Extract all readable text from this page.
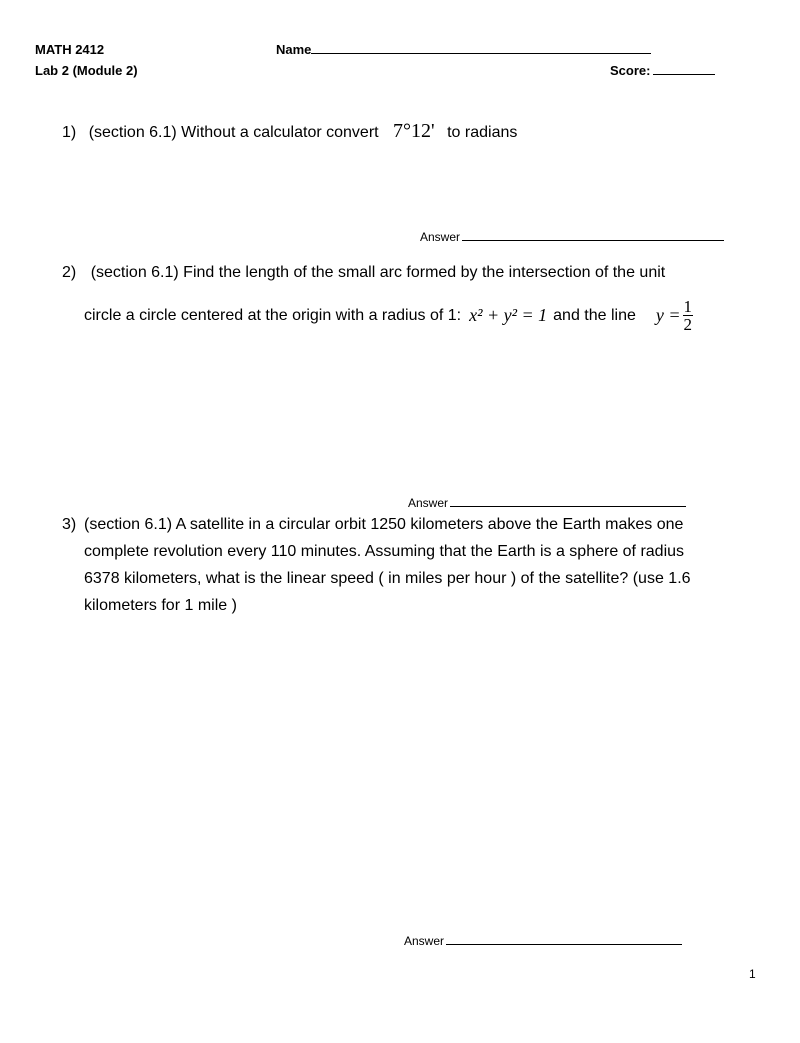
MATH 2412
Lab 2 (Module 2)
Name
Score:
1) (section 6.1) Without a calculator convert 7°12' to radians
Answer
2) (section 6.1) Find the length of the small arc formed by the intersection of the unit
circle a circle centered at the origin with a radius of 1: x² + y² = 1 and the line $y = \frac{1}{2}$
Answer
3) (section 6.1) A satellite in a circular orbit 1250 kilometers above the Earth makes one
complete revolution every 110 minutes. Assuming that the Earth is a sphere of radius
6378 kilometers, what is the linear speed ( in miles per hour ) of the satellite? (use 1.6
kilometers for 1 mile )
Answer
1
